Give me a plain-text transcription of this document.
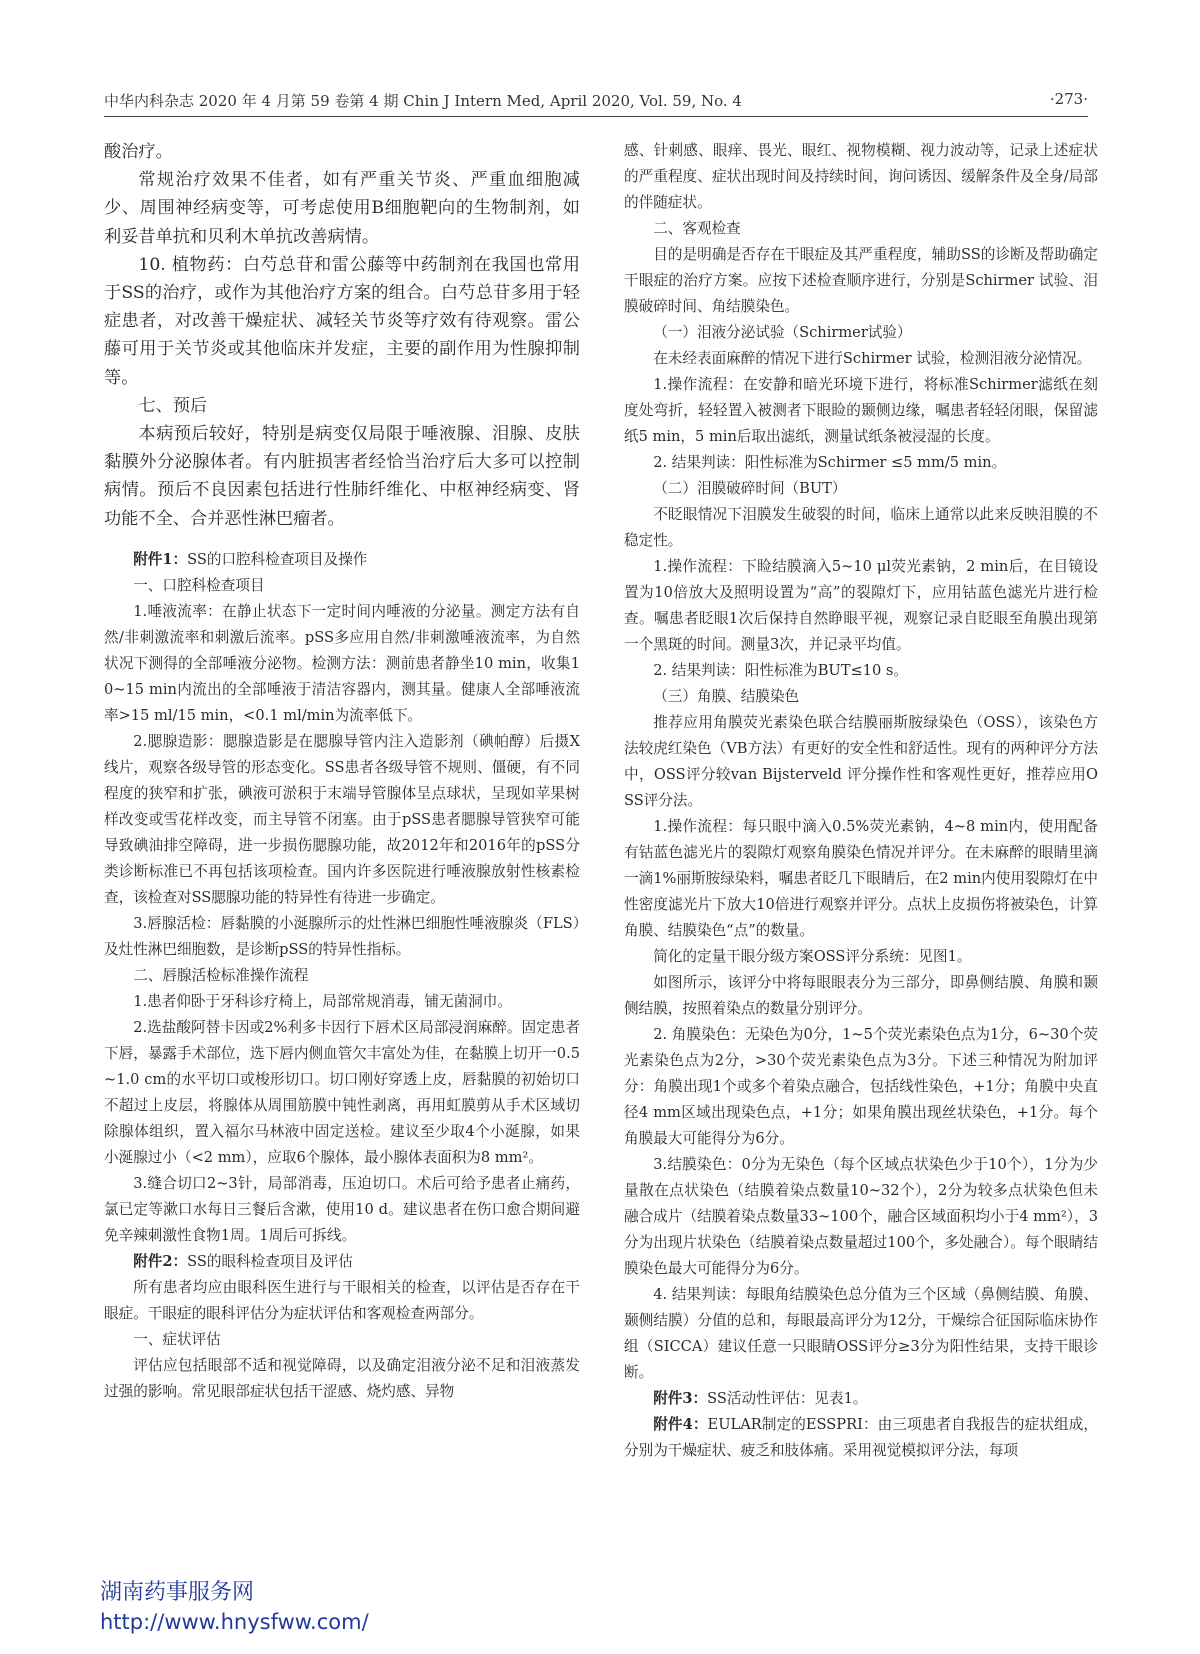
中华内科杂志 2020 年 4 月第 59 卷第 4 期 Chin J Intern Med, April 2020, Vol. 59, No. 4	·273·

酸治疗。

常规治疗效果不佳者，如有严重关节炎、严重血细胞减少、周围神经病变等，可考虑使用B细胞靶向的生物制剂，如利妥昔单抗和贝利木单抗改善病情。

10. 植物药：白芍总苷和雷公藤等中药制剂在我国也常用于SS的治疗，或作为其他治疗方案的组合。白芍总苷多用于轻症患者，对改善干燥症状、减轻关节炎等疗效有待观察。雷公藤可用于关节炎或其他临床并发症，主要的副作用为性腺抑制等。

七、预后

本病预后较好，特别是病变仅局限于唾液腺、泪腺、皮肤黏膜外分泌腺体者。有内脏损害者经恰当治疗后大多可以控制病情。预后不良因素包括进行性肺纤维化、中枢神经病变、肾功能不全、合并恶性淋巴瘤者。

附件1：SS的口腔科检查项目及操作

一、口腔科检查项目

1.唾液流率：在静止状态下一定时间内唾液的分泌量。测定方法有自然/非刺激流率和刺激后流率。pSS多应用自然/非刺激唾液流率，为自然状况下测得的全部唾液分泌物。检测方法：测前患者静坐10 min，收集10~15 min内流出的全部唾液于清洁容器内，测其量。健康人全部唾液流率>15 ml/15 min，<0.1 ml/min为流率低下。

2.腮腺造影：腮腺造影是在腮腺导管内注入造影剂（碘帕醇）后摄X线片，观察各级导管的形态变化。SS患者各级导管不规则、僵硬，有不同程度的狭窄和扩张，碘液可淤积于末端导管腺体呈点球状，呈现如苹果树样改变或雪花样改变，而主导管不闭塞。由于pSS患者腮腺导管狭窄可能导致碘油排空障碍，进一步损伤腮腺功能，故2012年和2016年的pSS分类诊断标准已不再包括该项检查。国内许多医院进行唾液腺放射性核素检查，该检查对SS腮腺功能的特异性有待进一步确定。

3.唇腺活检：唇黏膜的小涎腺所示的灶性淋巴细胞性唾液腺炎（FLS）及灶性淋巴细胞数，是诊断pSS的特异性指标。

二、唇腺活检标准操作流程

1.患者仰卧于牙科诊疗椅上，局部常规消毒，铺无菌洞巾。

2.选盐酸阿替卡因或2%利多卡因行下唇术区局部浸润麻醉。固定患者下唇，暴露手术部位，选下唇内侧血管欠丰富处为佳，在黏膜上切开一0.5~1.0 cm的水平切口或梭形切口。切口刚好穿透上皮，唇黏膜的初始切口不超过上皮层，将腺体从周围筋膜中钝性剥离，再用虹膜剪从手术区域切除腺体组织，置入福尔马林液中固定送检。建议至少取4个小涎腺，如果小涎腺过小（<2 mm），应取6个腺体，最小腺体表面积为8 mm²。

3.缝合切口2~3针，局部消毒，压迫切口。术后可给予患者止痛药，氯已定等漱口水每日三餐后含漱，使用10 d。建议患者在伤口愈合期间避免辛辣刺激性食物1周。1周后可拆线。

附件2：SS的眼科检查项目及评估

所有患者均应由眼科医生进行与干眼相关的检查，以评估是否存在干眼症。干眼症的眼科评估分为症状评估和客观检查两部分。

一、症状评估

评估应包括眼部不适和视觉障碍，以及确定泪液分泌不足和泪液蒸发过强的影响。常见眼部症状包括干涩感、烧灼感、异物

感、针刺感、眼痒、畏光、眼红、视物模糊、视力波动等，记录上述症状的严重程度、症状出现时间及持续时间，询问诱因、缓解条件及全身/局部的伴随症状。

二、客观检查

目的是明确是否存在干眼症及其严重程度，辅助SS的诊断及帮助确定干眼症的治疗方案。应按下述检查顺序进行，分别是Schirmer 试验、泪膜破碎时间、角结膜染色。

（一）泪液分泌试验（Schirmer试验）

在未经表面麻醉的情况下进行Schirmer 试验，检测泪液分泌情况。

1.操作流程：在安静和暗光环境下进行，将标准Schirmer滤纸在刻度处弯折，轻轻置入被测者下眼睑的颞侧边缘，嘱患者轻轻闭眼，保留滤纸5 min，5 min后取出滤纸，测量试纸条被浸湿的长度。

2. 结果判读：阳性标准为Schirmer ≤5 mm/5 min。

（二）泪膜破碎时间（BUT）

不眨眼情况下泪膜发生破裂的时间，临床上通常以此来反映泪膜的不稳定性。

1.操作流程：下睑结膜滴入5~10 μl荧光素钠，2 min后，在目镜设置为10倍放大及照明设置为“高”的裂隙灯下，应用钴蓝色滤光片进行检查。嘱患者眨眼1次后保持自然睁眼平视，观察记录自眨眼至角膜出现第一个黑斑的时间。测量3次，并记录平均值。

2. 结果判读：阳性标准为BUT≤10 s。

（三）角膜、结膜染色

推荐应用角膜荧光素染色联合结膜丽斯胺绿染色（OSS），该染色方法较虎红染色（VB方法）有更好的安全性和舒适性。现有的两种评分方法中，OSS评分较van Bijsterveld 评分操作性和客观性更好，推荐应用OSS评分法。

1.操作流程：每只眼中滴入0.5%荧光素钠，4~8 min内，使用配备有钴蓝色滤光片的裂隙灯观察角膜染色情况并评分。在未麻醉的眼睛里滴一滴1%丽斯胺绿染料，嘱患者眨几下眼睛后，在2 min内使用裂隙灯在中性密度滤光片下放大10倍进行观察并评分。点状上皮损伤将被染色，计算角膜、结膜染色“点”的数量。

简化的定量干眼分级方案OSS评分系统：见图1。

如图所示，该评分中将每眼眼表分为三部分，即鼻侧结膜、角膜和颞侧结膜，按照着染点的数量分别评分。

2. 角膜染色：无染色为0分，1~5个荧光素染色点为1分，6~30个荧光素染色点为2分，>30个荧光素染色点为3分。下述三种情况为附加评分：角膜出现1个或多个着染点融合，包括线性染色，+1分；角膜中央直径4 mm区域出现染色点，+1分；如果角膜出现丝状染色，+1分。每个角膜最大可能得分为6分。

3.结膜染色：0分为无染色（每个区域点状染色少于10个），1分为少量散在点状染色（结膜着染点数量10~32个），2分为较多点状染色但未融合成片（结膜着染点数量33~100个，融合区域面积均小于4 mm²），3分为出现片状染色（结膜着染点数量超过100个，多处融合）。每个眼睛结膜染色最大可能得分为6分。

4. 结果判读：每眼角结膜染色总分值为三个区域（鼻侧结膜、角膜、颞侧结膜）分值的总和，每眼最高评分为12分，干燥综合征国际临床协作组（SICCA）建议任意一只眼睛OSS评分≥3分为阳性结果，支持干眼诊断。

附件3：SS活动性评估：见表1。

附件4：EULAR制定的ESSPRI：由三项患者自我报告的症状组成，分别为干燥症状、疲乏和肢体痛。采用视觉模拟评分法，每项

湖南药事服务网
http://www.hnysfww.com/
